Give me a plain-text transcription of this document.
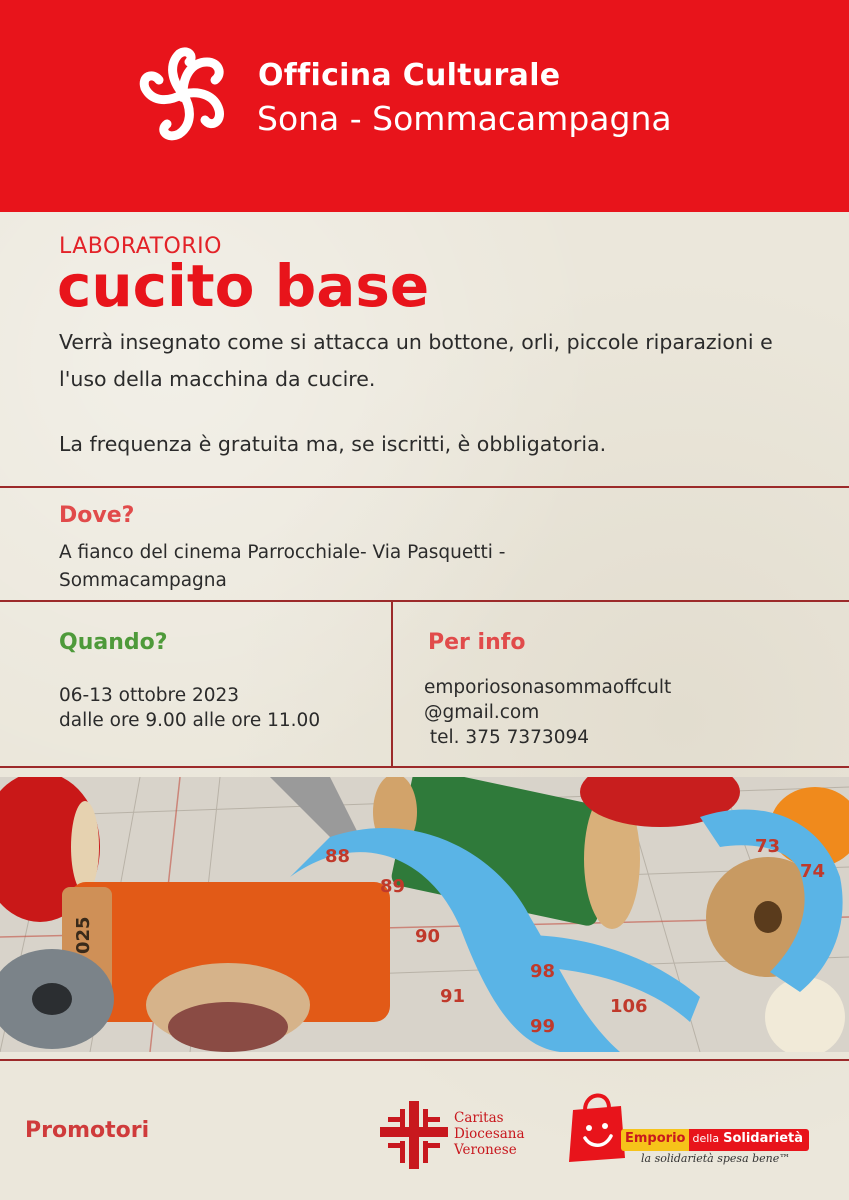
Officina Culturale
Sona - Sommacampagna
LABORATORIO
cucito base
Verrà insegnato come si attacca un bottone, orli, piccole riparazioni e l'uso della macchina da cucire.
La frequenza è gratuita ma, se iscritti, è obbligatoria.
Dove?
A fianco del cinema Parrocchiale- Via Pasquetti - Sommacampagna
Quando?
06-13 ottobre 2023
dalle ore 9.00 alle ore 11.00
Per info
emporiosonasommaoffcult
@gmail.com
tel. 375 7373094
88
89
90
91
98
99
106
73
74
025
Promotori	Caritas
Diocesana
Veronese
Emporio della Solidarietà
la solidarietà spesa bene™
